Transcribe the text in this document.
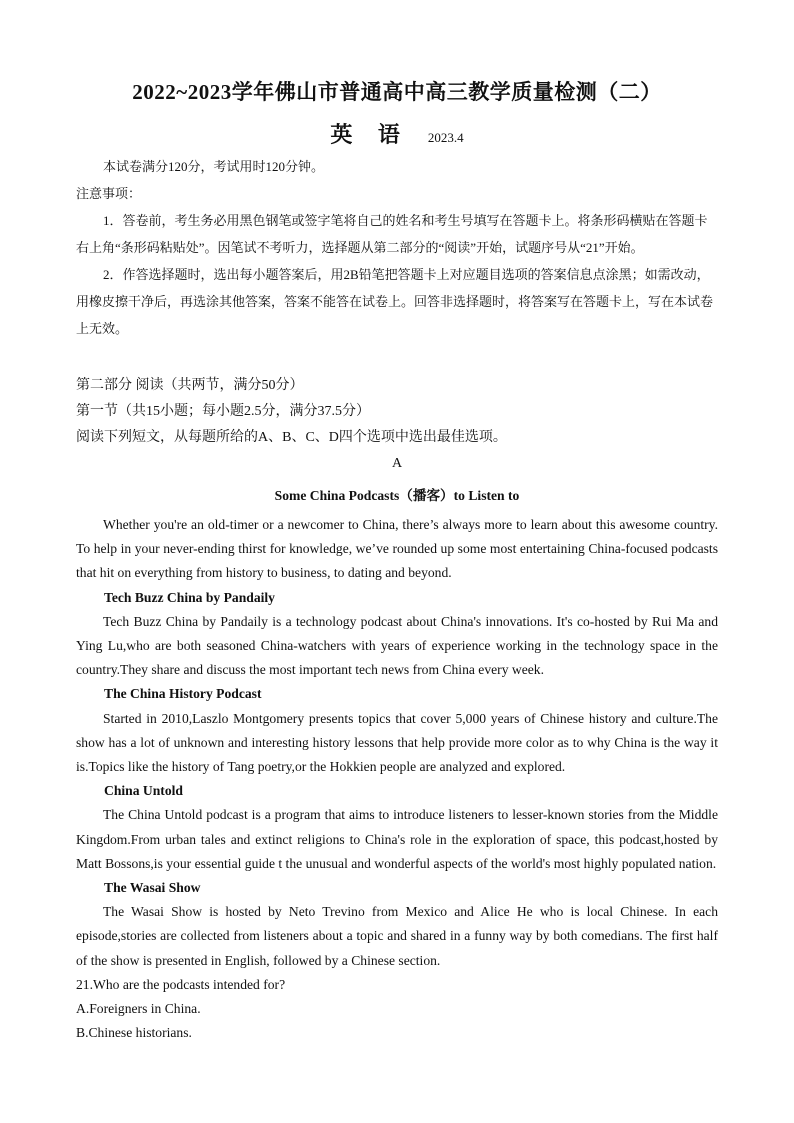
2022~2023学年佛山市普通高中高三教学质量检测（二）
英 语 2023.4

本试卷满分120分，考试用时120分钟。

注意事项：

1．答卷前，考生务必用黑色钢笔或签字笔将自己的姓名和考生号填写在答题卡上。将条形码横贴在答题卡右上角“条形码粘贴处”。因笔试不考听力，选择题从第二部分的“阅读”开始，试题序号从“21”开始。

2．作答选择题时，选出每小题答案后，用2B铅笔把答题卡上对应题目选项的答案信息点涂黑；如需改动，用橡皮擦干净后，再选涂其他答案，答案不能答在试卷上。回答非选择题时，将答案写在答题卡上，写在本试卷上无效。

第二部分 阅读（共两节，满分50分）

第一节（共15小题；每小题2.5分，满分37.5分）

阅读下列短文，从每题所给的A、B、C、D四个选项中选出最佳选项。

A

Some China Podcasts（播客）to Listen to

Whether you're an old-timer or a newcomer to China, there’s always more to learn about this awesome country. To help in your never-ending thirst for knowledge, we’ve rounded up some most entertaining China-focused podcasts that hit on everything from history to business, to dating and beyond.

Tech Buzz China by Pandaily

Tech Buzz China by Pandaily is a technology podcast about China's innovations. It's co-hosted by Rui Ma and Ying Lu,who are both seasoned China-watchers with years of experience working in the technology space in the country.They share and discuss the most important tech news from China every week.

The China History Podcast

Started in 2010,Laszlo Montgomery presents topics that cover 5,000 years of Chinese history and culture.The show has a lot of unknown and interesting history lessons that help provide more color as to why China is the way it is.Topics like the history of Tang poetry,or the Hokkien people are analyzed and explored.

China Untold

The China Untold podcast is a program that aims to introduce listeners to lesser-known stories from the Middle Kingdom.From urban tales and extinct religions to China's role in the exploration of space, this podcast,hosted by Matt Bossons,is your essential guide t the unusual and wonderful aspects of the world's most highly populated nation.

The Wasai Show

The Wasai Show is hosted by Neto Trevino from Mexico and Alice He who is local Chinese. In each episode,stories are collected from listeners about a topic and shared in a funny way by both comedians. The first half of the show is presented in English, followed by a Chinese section.

21.Who are the podcasts intended for?

A.Foreigners in China.

B.Chinese historians.
